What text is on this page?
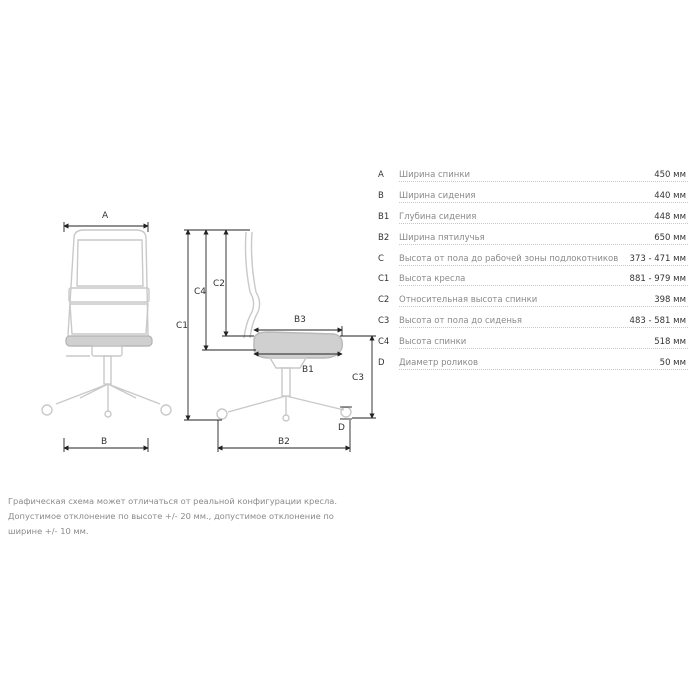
A
B
C1
C4
C2
B3
B1
C3
D
B2
A	Ширина спинки	450 мм
B	Ширина сидения	440 мм
B1	Глубина сидения	448 мм
B2	Ширина пятилучья	650 мм
C	Высота от пола до рабочей зоны подлокотников	373 - 471 мм
C1	Высота кресла	881 - 979 мм
C2	Относительная высота спинки	398 мм
C3	Высота от пола до сиденья	483 - 581 мм
C4	Высота спинки	518 мм
D	Диаметр роликов	50 мм
Графическая схема может отличаться от реальной конфигурации кресла.
Допустимое отклонение по высоте +/- 20 мм., допустимое отклонение по
ширине +/- 10 мм.
